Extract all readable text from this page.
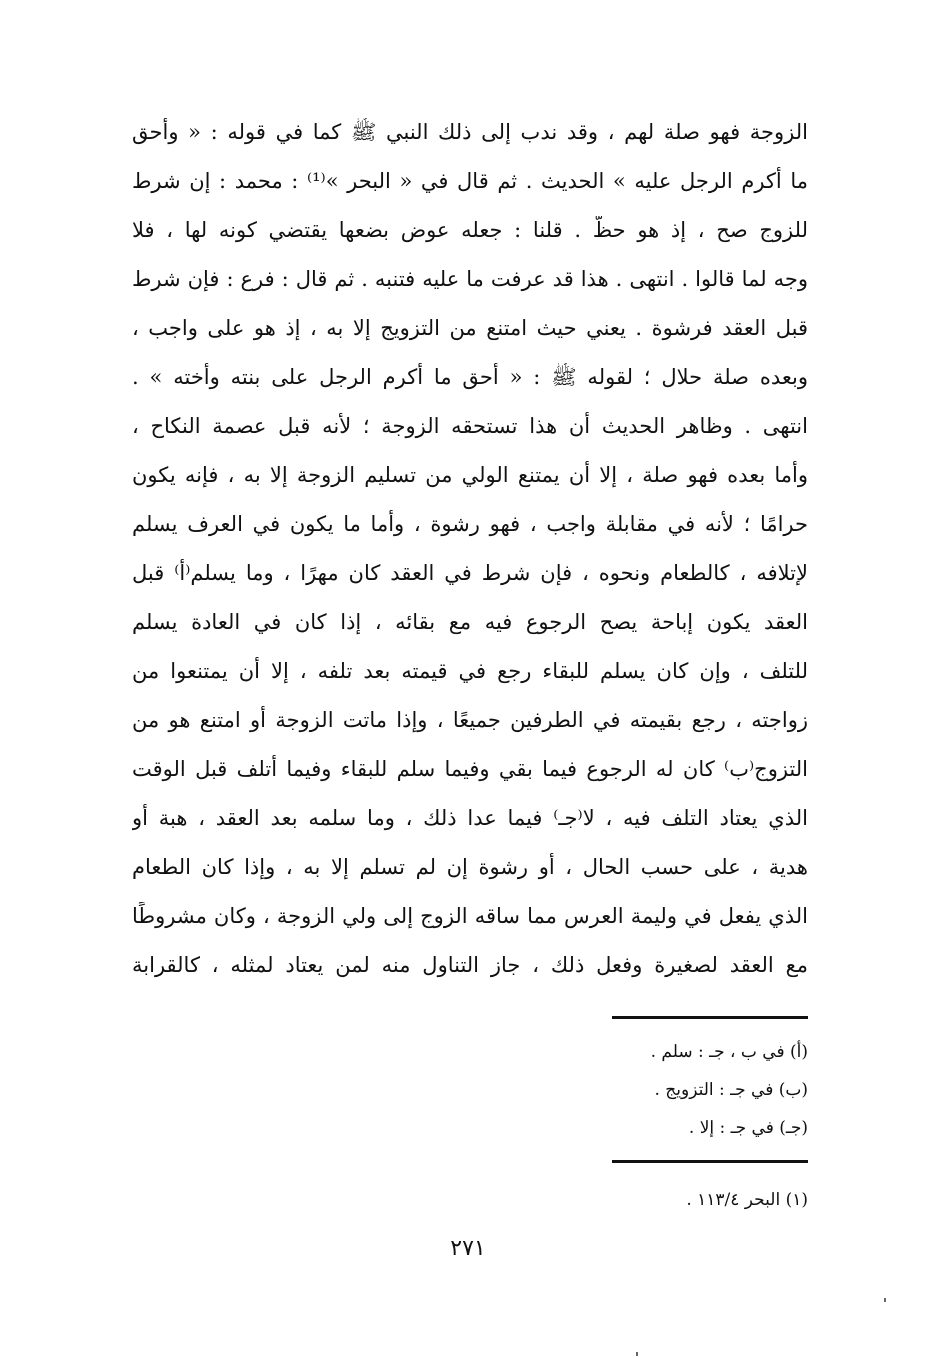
الزوجة فهو صلة لهم ، وقد ندب إلى ذلك النبي ﷺ كما في قوله : « وأحق
ما أكرم الرجل عليه » الحديث . ثم قال في « البحر »⁽¹⁾ : محمد : إن شرط
للزوج صح ، إذ هو حظٌّ . قلنا : جعله عوض بضعها يقتضي كونه لها ، فلا
وجه لما قالوا . انتهى . هذا قد عرفت ما عليه فتنبه . ثم قال : فرع : فإن شرط
قبل العقد فرشوة . يعني حيث امتنع من التزويج إلا به ، إذ هو على واجب ،
وبعده صلة حلال ؛ لقوله ﷺ : « أحق ما أكرم الرجل على بنته وأخته » .
انتهى . وظاهر الحديث أن هذا تستحقه الزوجة ؛ لأنه قبل عصمة النكاح ،
وأما بعده فهو صلة ، إلا أن يمتنع الولي من تسليم الزوجة إلا به ، فإنه يكون
حرامًا ؛ لأنه في مقابلة واجب ، فهو رشوة ، وأما ما يكون في العرف يسلم
لإتلافه ، كالطعام ونحوه ، فإن شرط في العقد كان مهرًا ، وما يسلم⁽أ⁾ قبل
العقد يكون إباحة يصح الرجوع فيه مع بقائه ، إذا كان في العادة يسلم
للتلف ، وإن كان يسلم للبقاء رجع في قيمته بعد تلفه ، إلا أن يمتنعوا من
زواجته ، رجع بقيمته في الطرفين جميعًا ، وإذا ماتت الزوجة أو امتنع هو من
التزوج⁽ب⁾ كان له الرجوع فيما بقي وفيما سلم للبقاء وفيما أُتلف قبل الوقت
الذي يعتاد التلف فيه ، لا⁽جـ⁾ فيما عدا ذلك ، وما سلمه بعد العقد ، هبة أو
هدية ، على حسب الحال ، أو رشوة إن لم تسلم إلا به ، وإذا كان الطعام
الذي يفعل في وليمة العرس مما ساقه الزوج إلى ولي الزوجة ، وكان مشروطًا
مع العقد لصغيرة وفعل ذلك ، جاز التناول منه لمن يعتاد لمثله ، كالقرابة
(أ) في ب ، جـ : سلم .
(ب) في جـ : التزويج .
(جـ) في جـ : إلا .
(١) البحر ١١٣/٤ .
٢٧١
